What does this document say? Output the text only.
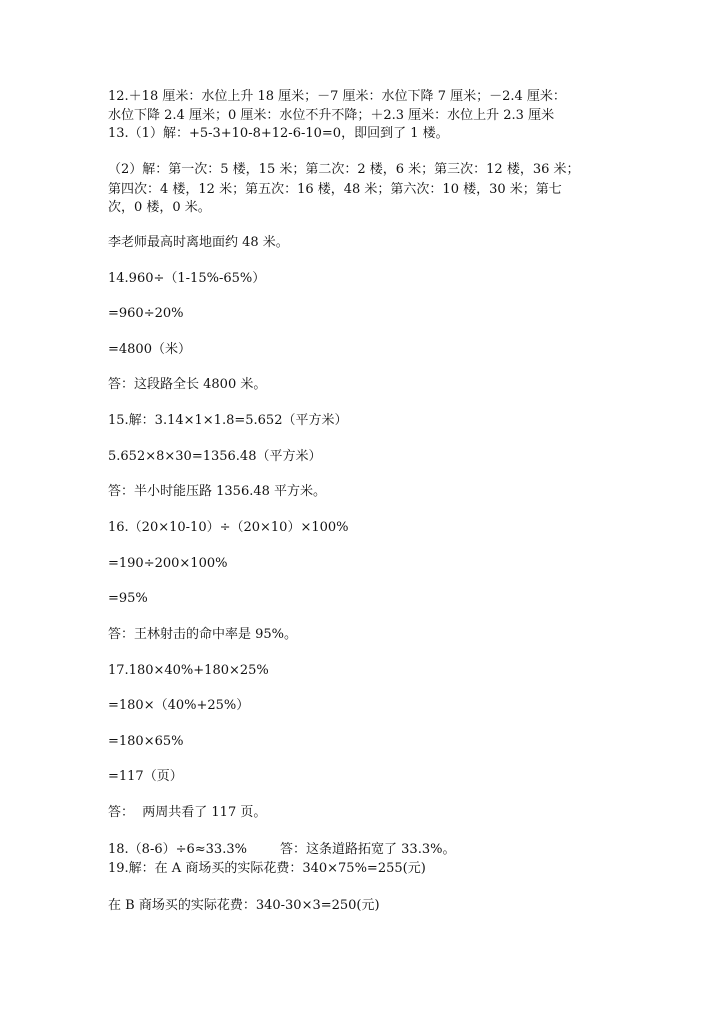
12.＋18 厘米：水位上升 18 厘米；－7 厘米：水位下降 7 厘米；－2.4 厘米：
水位下降 2.4 厘米；0 厘米：水位不升不降；＋2.3 厘米：水位上升 2.3 厘米
13.（1）解：+5-3+10-8+12-6-10=0，即回到了 1 楼。
（2）解：第一次：5 楼，15 米；第二次：2 楼，6 米；第三次：12 楼，36 米；
第四次：4 楼，12 米；第五次：16 楼，48 米；第六次：10 楼，30 米；第七
次，0 楼，0 米。
李老师最高时离地面约 48 米。
14.960÷（1-15%-65%）
=960÷20%
=4800（米）
答：这段路全长 4800 米。
15.解：3.14×1×1.8=5.652（平方米）
5.652×8×30=1356.48（平方米）
答：半小时能压路 1356.48 平方米。
16.（20×10-10）÷（20×10）×100%
=190÷200×100%
=95%
答：王林射击的命中率是 95%。
17.180×40%+180×25%
=180×（40%+25%）
=180×65%
=117（页）
答：  两周共看了 117 页。
18.（8-6）÷6≈33.3%        答：这条道路拓宽了 33.3%。
19.解：在 A 商场买的实际花费：340×75%=255(元)
在 B 商场买的实际花费：340-30×3=250(元)
